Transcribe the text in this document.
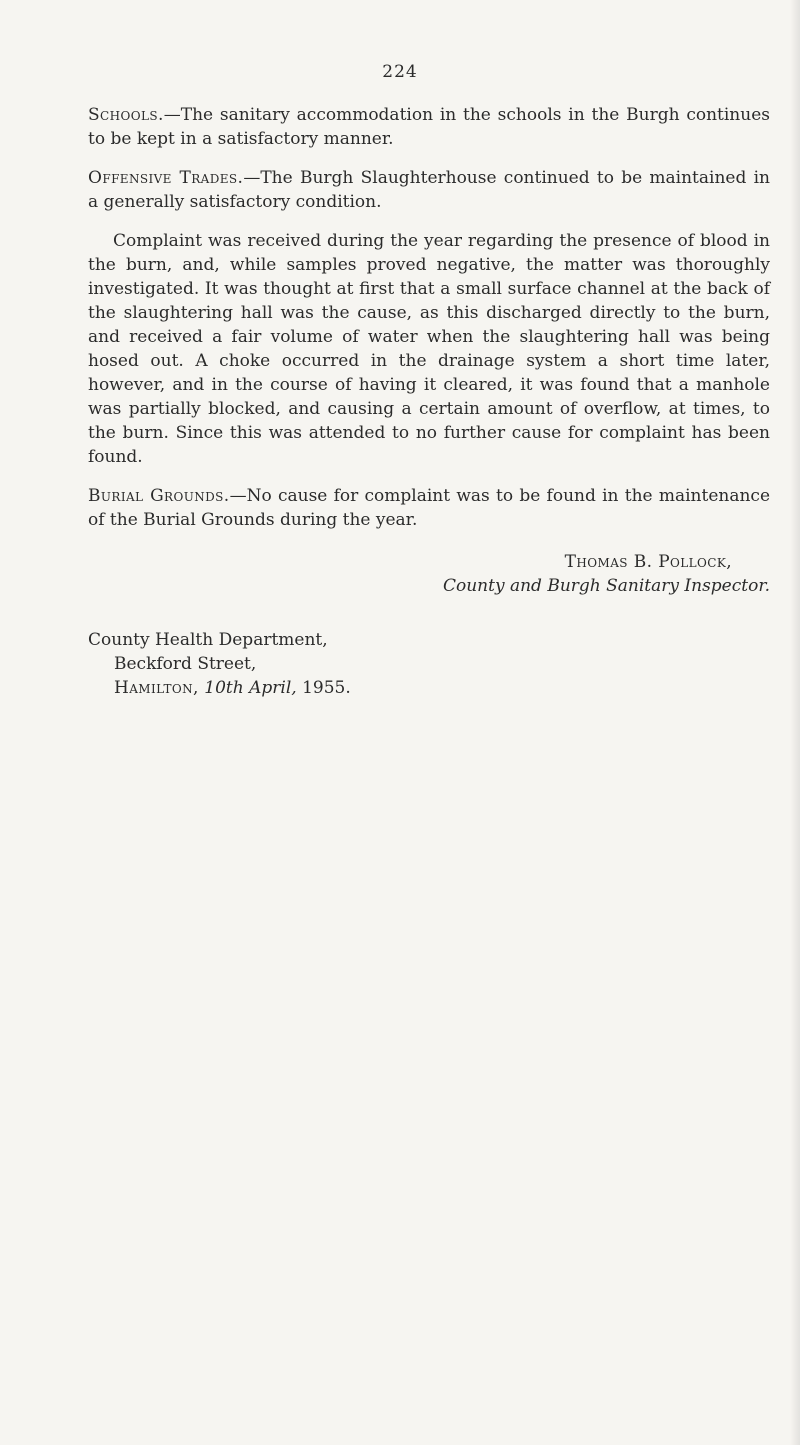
224

Schools.—The sanitary accommodation in the schools in the Burgh continues to be kept in a satisfactory manner.

Offensive Trades.—The Burgh Slaughterhouse continued to be maintained in a generally satisfactory condition.

Complaint was received during the year regarding the presence of blood in the burn, and, while samples proved negative, the matter was thoroughly investigated. It was thought at first that a small surface channel at the back of the slaughtering hall was the cause, as this discharged directly to the burn, and received a fair volume of water when the slaughtering hall was being hosed out. A choke occurred in the drainage system a short time later, however, and in the course of having it cleared, it was found that a manhole was partially blocked, and causing a certain amount of overflow, at times, to the burn. Since this was attended to no further cause for complaint has been found.

Burial Grounds.—No cause for complaint was to be found in the maintenance of the Burial Grounds during the year.

Thomas B. Pollock,
County and Burgh Sanitary Inspector.
County Health Department,
Beckford Street,
Hamilton, 10th April, 1955.
